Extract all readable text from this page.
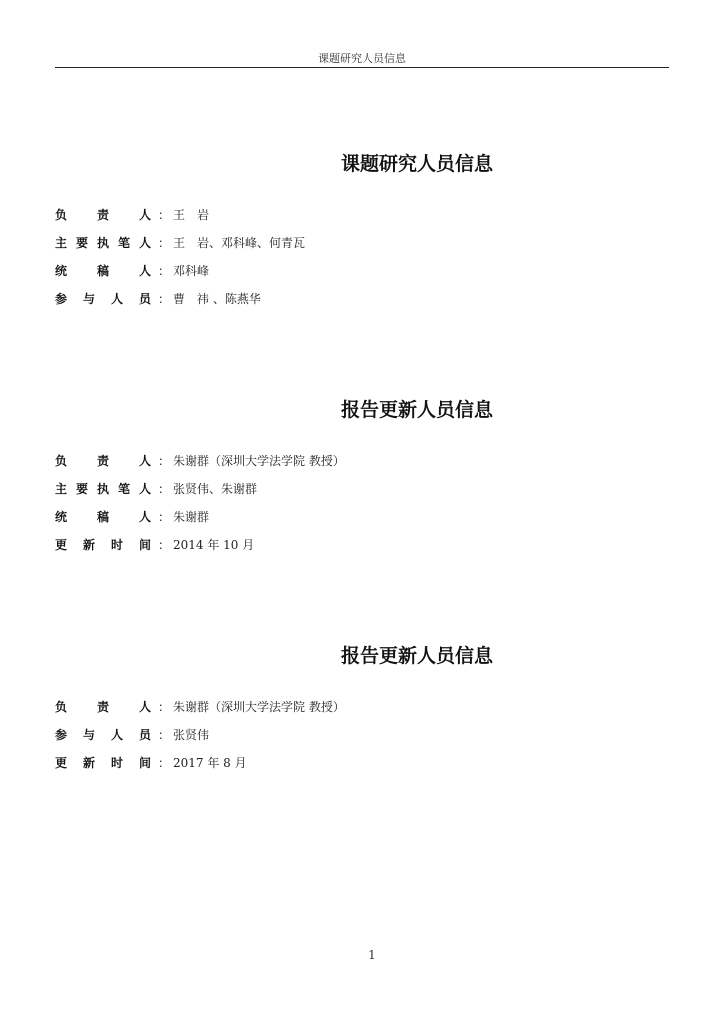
课题研究人员信息
课题研究人员信息
负 责 人 ： 王　岩
主 要 执 笔 人 ： 王　岩、邓科峰、何青瓦
统 稿 人 ： 邓科峰
参 与 人 员 ： 曹　祎 、陈燕华
报告更新人员信息
负 责 人 ： 朱谢群（深圳大学法学院 教授）
主 要 执 笔 人 ： 张贤伟、朱谢群
统 稿 人 ： 朱谢群
更 新 时 间 ： 2014 年 10 月
报告更新人员信息
负 责 人 ： 朱谢群（深圳大学法学院 教授）
参 与 人 员 ： 张贤伟
更 新 时 间 ： 2017 年 8 月
1
